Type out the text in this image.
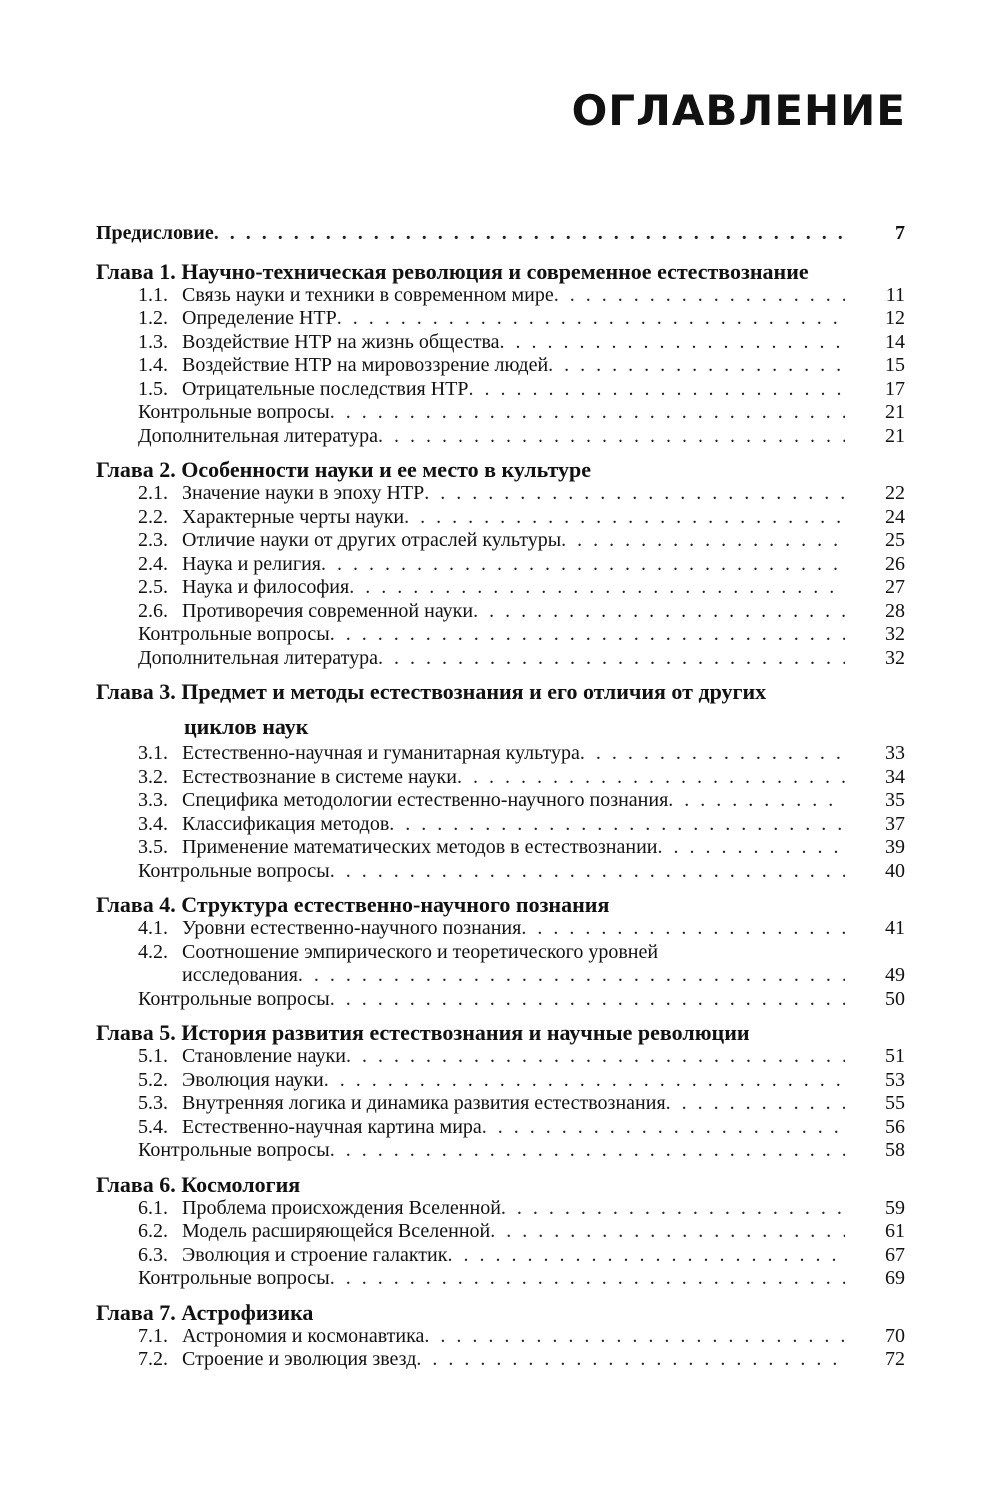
ОГЛАВЛЕНИЕ
Предисловие . . .	7
Глава 1. Научно-техническая революция и современное естествознание
1.1. Связь науки и техники в современном мире . . .	11
1.2. Определение НТР . . .	12
1.3. Воздействие НТР на жизнь общества . . .	14
1.4. Воздействие НТР на мировоззрение людей . . .	15
1.5. Отрицательные последствия НТР . . .	17
Контрольные вопросы . . .	21
Дополнительная литература . . .	21
Глава 2. Особенности науки и ее место в культуре
2.1. Значение науки в эпоху НТР . . .	22
2.2. Характерные черты науки . . .	24
2.3. Отличие науки от других отраслей культуры . . .	25
2.4. Наука и религия . . .	26
2.5. Наука и философия . . .	27
2.6. Противоречия современной науки . . .	28
Контрольные вопросы . . .	32
Дополнительная литература . . .	32
Глава 3. Предмет и методы естествознания и его отличия от других
циклов наук
3.1. Естественно-научная и гуманитарная культура . . .	33
3.2. Естествознание в системе науки . . .	34
3.3. Специфика методологии естественно-научного познания . . .	35
3.4. Классификация методов . . .	37
3.5. Применение математических методов в естествознании . . .	39
Контрольные вопросы . . .	40
Глава 4. Структура естественно-научного познания
4.1. Уровни естественно-научного познания . . .	41
4.2. Соотношение эмпирического и теоретического уровней
исследования . . .	49
Контрольные вопросы . . .	50
Глава 5. История развития естествознания и научные революции
5.1. Становление науки . . .	51
5.2. Эволюция науки . . .	53
5.3. Внутренняя логика и динамика развития естествознания . . .	55
5.4. Естественно-научная картина мира . . .	56
Контрольные вопросы . . .	58
Глава 6. Космология
6.1. Проблема происхождения Вселенной . . .	59
6.2. Модель расширяющейся Вселенной . . .	61
6.3. Эволюция и строение галактик . . .	67
Контрольные вопросы . . .	69
Глава 7. Астрофизика
7.1. Астрономия и космонавтика . . .	70
7.2. Строение и эволюция звезд . . .	72
